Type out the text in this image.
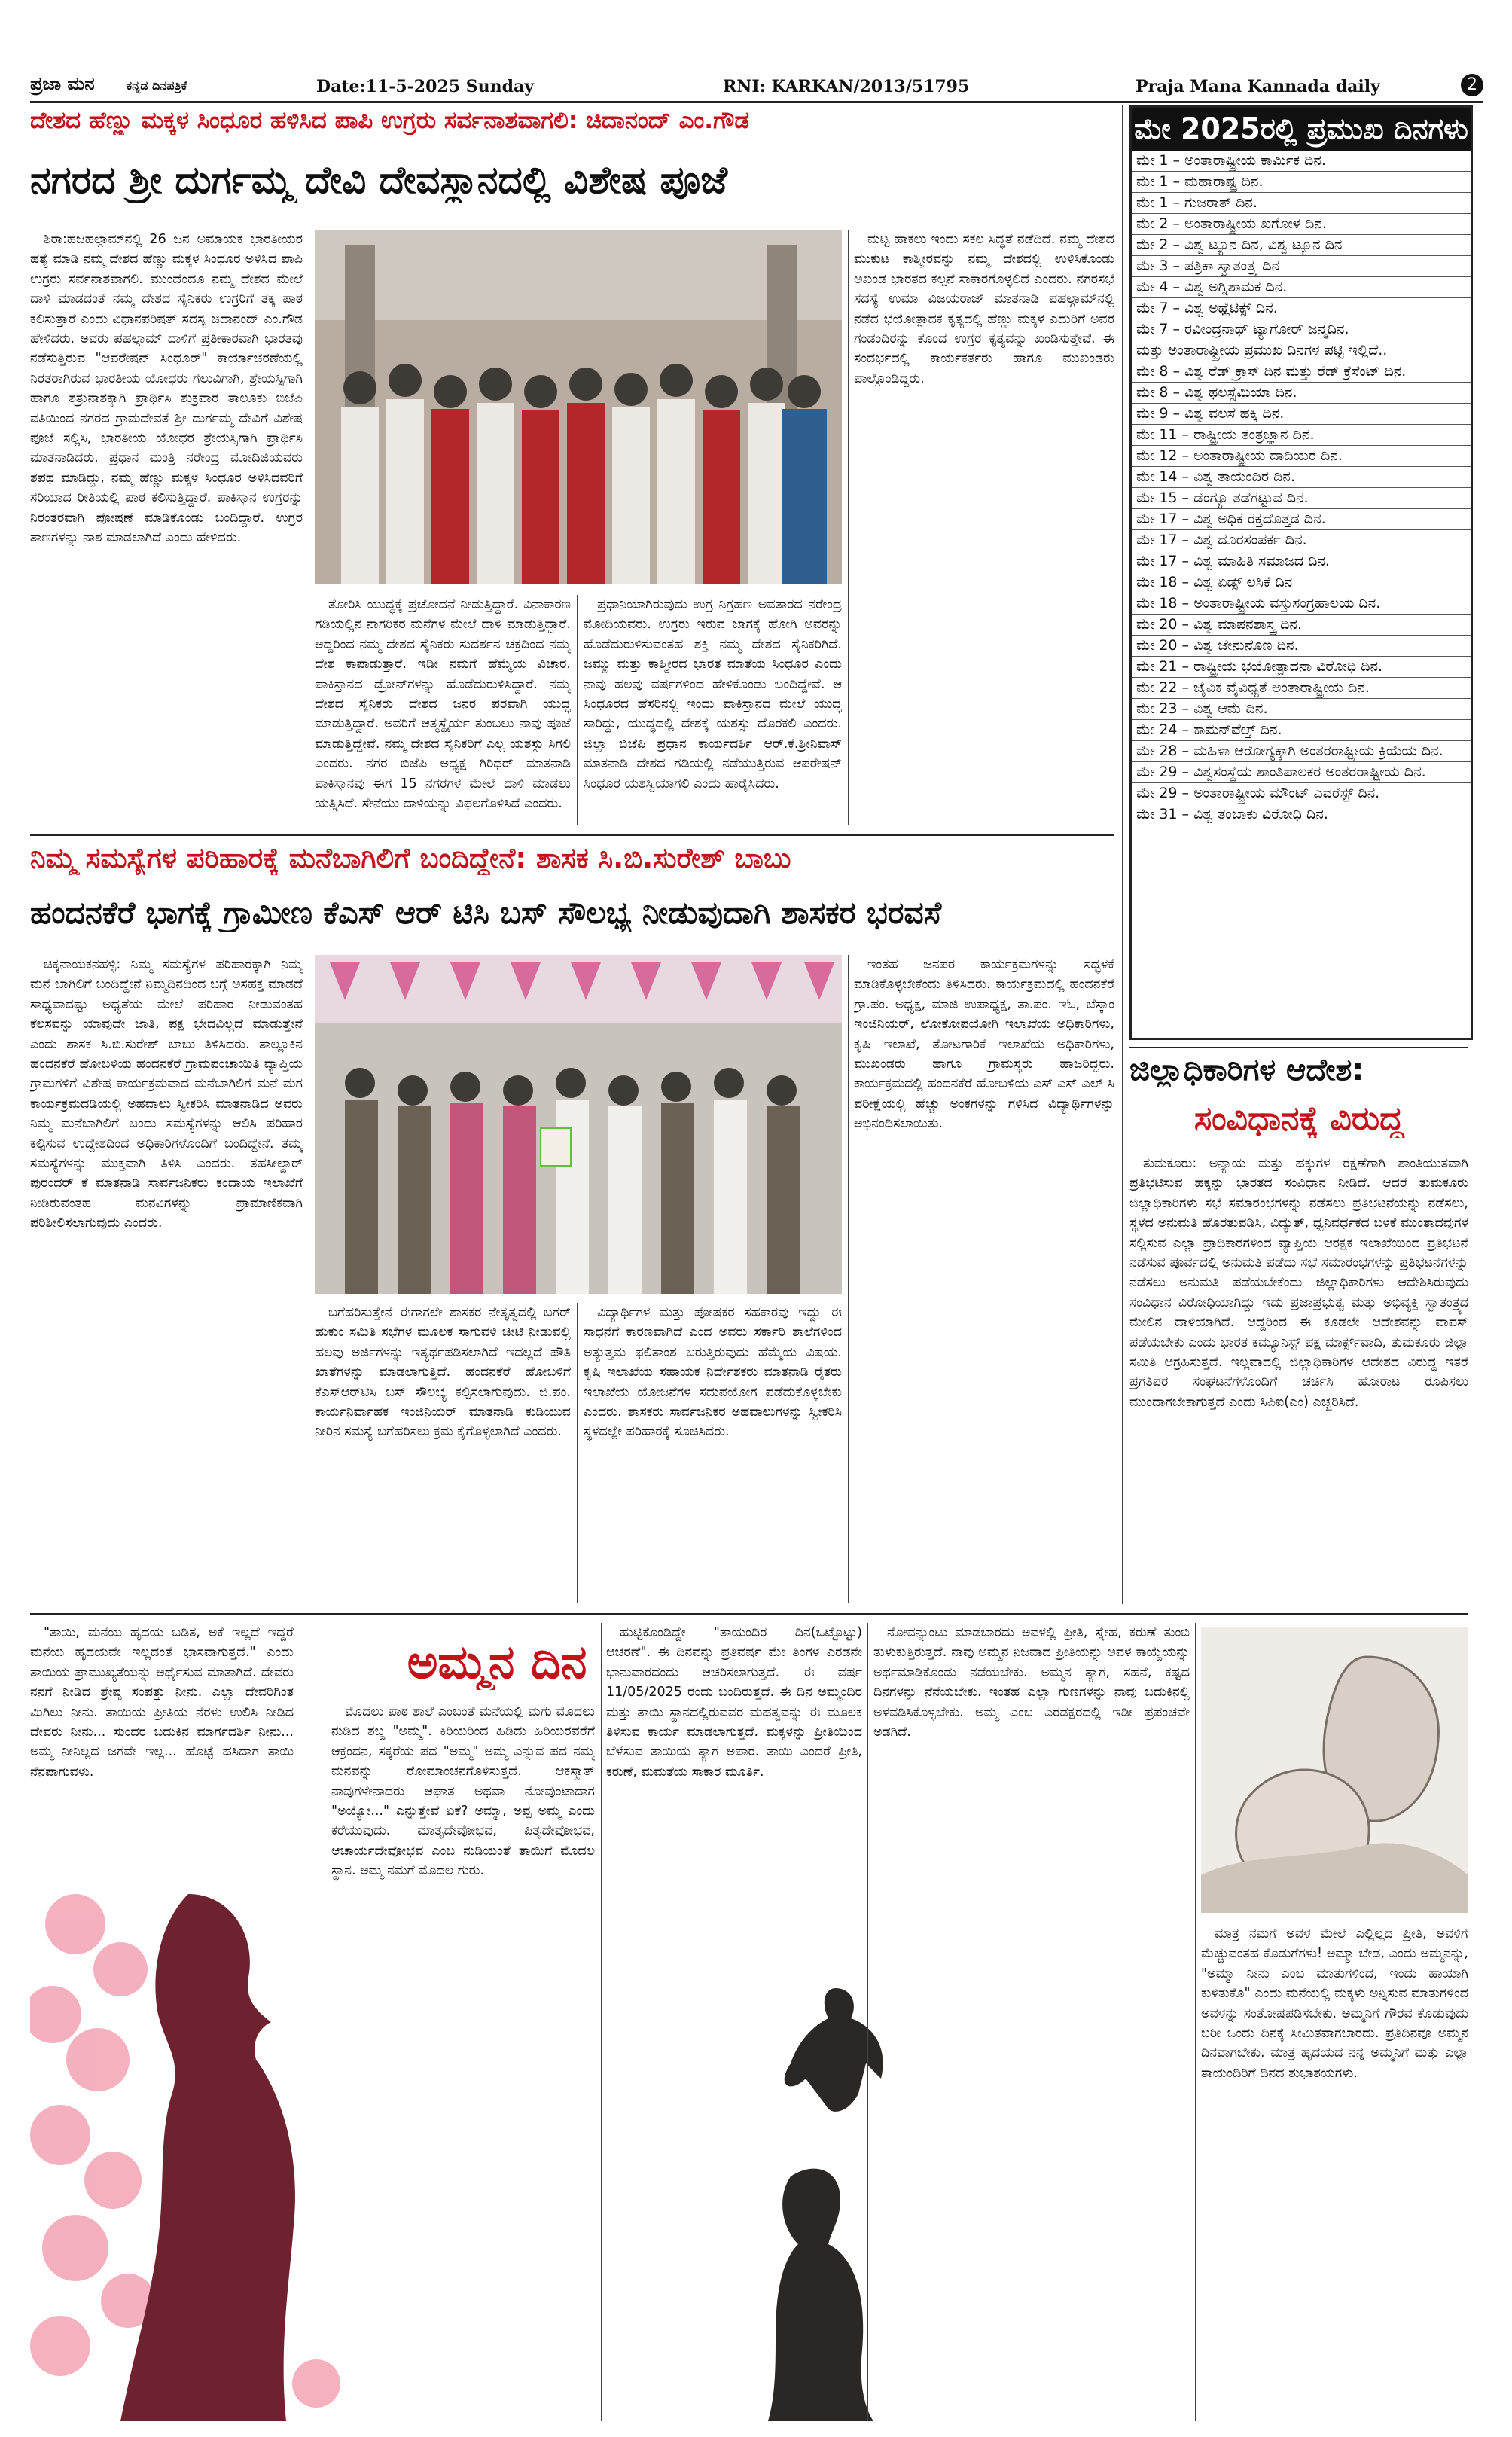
ಪ್ರಜಾ ಮನ	ಕನ್ನಡ ದಿನಪತ್ರಿಕೆ	Date:11-5-2025 Sunday	RNI: KARKAN/2013/51795	Praja Mana Kannada daily	2
ದೇಶದ ಹೆಣ್ಣು ಮಕ್ಕಳ ಸಿಂಧೂರ ಹಳಿಸಿದ ಪಾಪಿ ಉಗ್ರರು ಸರ್ವನಾಶವಾಗಲಿ: ಚಿದಾನಂದ್ ಎಂ.ಗೌಡ
ನಗರದ ಶ್ರೀ ದುರ್ಗಮ್ಮ ದೇವಿ ದೇವಸ್ಥಾನದಲ್ಲಿ ವಿಶೇಷ ಪೂಜೆ

ಶಿರಾ:ಹಜಹಲ್ಗಾಮ್‌ನಲ್ಲಿ 26 ಜನ ಅಮಾಯಕ ಭಾರತೀಯರ ಹತ್ಯೆ ಮಾಡಿ ನಮ್ಮ ದೇಶದ ಹೆಣ್ಣು ಮಕ್ಕಳ ಸಿಂಧೂರ ಅಳಿಸಿದ ಪಾಪಿ ಉಗ್ರರು ಸರ್ವನಾಶವಾಗಲಿ. ಮುಂದೆಂದೂ ನಮ್ಮ ದೇಶದ ಮೇಲೆ ದಾಳಿ ಮಾಡದಂತೆ ನಮ್ಮ ದೇಶದ ಸೈನಿಕರು ಉಗ್ರರಿಗೆ ತಕ್ಕ ಪಾಠ ಕಲಿಸುತ್ತಾರೆ ಎಂದು ವಿಧಾನಪರಿಷತ್ ಸದಸ್ಯ ಚಿದಾನಂದ್ ಎಂ.ಗೌಡ ಹೇಳಿದರು. ಅವರು ಪಹಲ್ಗಾಮ್ ದಾಳಿಗೆ ಪ್ರತೀಕಾರವಾಗಿ ಭಾರತವು ನಡೆಸುತ್ತಿರುವ "ಆಪರೇಷನ್ ಸಿಂಧೂರ್" ಕಾರ್ಯಾಚರಣೆಯಲ್ಲಿ ನಿರತರಾಗಿರುವ ಭಾರತೀಯ ಯೋಧರು ಗೆಲುವಿಗಾಗಿ, ಶ್ರೇಯಸ್ಸಿಗಾಗಿ ಹಾಗೂ ಶತ್ರುನಾಶಕ್ಕಾಗಿ ಪ್ರಾರ್ಥಿಸಿ ಶುಕ್ರವಾರ ತಾಲೂಕು ಬಿಜೆಪಿ ವತಿಯಿಂದ ನಗರದ ಗ್ರಾಮದೇವತೆ ಶ್ರೀ ದುರ್ಗಮ್ಮ ದೇವಿಗೆ ವಿಶೇಷ ಪೂಜೆ ಸಲ್ಲಿಸಿ, ಭಾರತೀಯ ಯೋಧರ ಶ್ರೇಯಸ್ಸಿಗಾಗಿ ಪ್ರಾರ್ಥಿಸಿ ಮಾತನಾಡಿದರು. ಪ್ರಧಾನ ಮಂತ್ರಿ ನರೇಂದ್ರ ಮೋದಿಜಿಯವರು ಶಪಥ ಮಾಡಿದ್ದು, ನಮ್ಮ ಹೆಣ್ಣು ಮಕ್ಕಳ ಸಿಂಧೂರ ಅಳಿಸಿದವರಿಗೆ ಸರಿಯಾದ ರೀತಿಯಲ್ಲಿ ಪಾಠ ಕಲಿಸುತ್ತಿದ್ದಾರೆ. ಪಾಕಿಸ್ತಾನ ಉಗ್ರರನ್ನು ನಿರಂತರವಾಗಿ ಪೋಷಣೆ ಮಾಡಿಕೊಂಡು ಬಂದಿದ್ದಾರೆ. ಉಗ್ರರ ತಾಣಗಳನ್ನು ನಾಶ ಮಾಡಲಾಗಿದೆ ಎಂದು ಹೇಳಿದರು.

ತೋರಿಸಿ ಯುದ್ಧಕ್ಕೆ ಪ್ರಚೋದನೆ ನೀಡುತ್ತಿದ್ದಾರೆ. ವಿನಾಕಾರಣ ಗಡಿಯಲ್ಲಿನ ನಾಗರಿಕರ ಮನೆಗಳ ಮೇಲೆ ದಾಳಿ ಮಾಡುತ್ತಿದ್ದಾರೆ. ಅದ್ದರಿಂದ ನಮ್ಮ ದೇಶದ ಸೈನಿಕರು ಸುದರ್ಶನ ಚಕ್ರದಿಂದ ನಮ್ಮ ದೇಶ ಕಾಪಾಡುತ್ತಾರೆ. ಇಡೀ ನಮಗೆ ಹೆಮ್ಮೆಯ ವಿಚಾರ. ಪಾಕಿಸ್ತಾನದ ಡ್ರೋನ್‌ಗಳನ್ನು ಹೊಡೆದುರುಳಿಸಿದ್ದಾರೆ. ನಮ್ಮ ದೇಶದ ಸೈನಿಕರು ದೇಶದ ಜನರ ಪರವಾಗಿ ಯುದ್ಧ ಮಾಡುತ್ತಿದ್ದಾರೆ. ಅವರಿಗೆ ಆತ್ಮಸ್ಥೈರ್ಯ ತುಂಬಲು ನಾವು ಪೂಜೆ ಮಾಡುತ್ತಿದ್ದೇವೆ. ನಮ್ಮ ದೇಶದ ಸೈನಿಕರಿಗೆ ಎಲ್ಲ ಯಶಸ್ಸು ಸಿಗಲಿ ಎಂದರು. ನಗರ ಬಿಜೆಪಿ ಅಧ್ಯಕ್ಷ ಗಿರಿಧರ್ ಮಾತನಾಡಿ ಪಾಕಿಸ್ತಾನವು ಈಗ 15 ನಗರಗಳ ಮೇಲೆ ದಾಳಿ ಮಾಡಲು ಯತ್ನಿಸಿದೆ. ಸೇನೆಯು ದಾಳಿಯನ್ನು ವಿಫಲಗೊಳಿಸಿದೆ ಎಂದರು.

ಪ್ರಧಾನಿಯಾಗಿರುವುದು ಉಗ್ರ ನಿಗ್ರಹಣ ಅವತಾರದ ನರೇಂದ್ರ ಮೋದಿಯವರು. ಉಗ್ರರು ಇರುವ ಜಾಗಕ್ಕೆ ಹೋಗಿ ಅವರನ್ನು ಹೊಡೆದುರುಳಿಸುವಂತಹ ಶಕ್ತಿ ನಮ್ಮ ದೇಶದ ಸೈನಿಕರಿಗಿದೆ. ಜಮ್ಮು ಮತ್ತು ಕಾಶ್ಮೀರದ ಭಾರತ ಮಾತೆಯ ಸಿಂಧೂರ ಎಂದು ನಾವು ಹಲವು ವರ್ಷಗಳಿಂದ ಹೇಳಿಕೊಂಡು ಬಂದಿದ್ದೇವೆ. ಆ ಸಿಂಧೂರದ ಹೆಸರಿನಲ್ಲಿ ಇಂದು ಪಾಕಿಸ್ತಾನದ ಮೇಲೆ ಯುದ್ಧ ಸಾರಿದ್ದು, ಯುದ್ಧದಲ್ಲಿ ದೇಶಕ್ಕೆ ಯಶಸ್ಸು ದೊರಕಲಿ ಎಂದರು. ಜಿಲ್ಲಾ ಬಿಜೆಪಿ ಪ್ರಧಾನ ಕಾರ್ಯದರ್ಶಿ ಆರ್.ಕೆ.ಶ್ರೀನಿವಾಸ್ ಮಾತನಾಡಿ ದೇಶದ ಗಡಿಯಲ್ಲಿ ನಡೆಯುತ್ತಿರುವ ಆಪರೇಷನ್ ಸಿಂಧೂರ ಯಶಸ್ವಿಯಾಗಲಿ ಎಂದು ಹಾರೈಸಿದರು.

ಮಟ್ಟ ಹಾಕಲು ಇಂದು ಸಕಲ ಸಿದ್ಧತೆ ನಡೆದಿದೆ. ನಮ್ಮ ದೇಶದ ಮುಕುಟ ಕಾಶ್ಮೀರವನ್ನು ನಮ್ಮ ದೇಶದಲ್ಲಿ ಉಳಿಸಿಕೊಂಡು ಅಖಂಡ ಭಾರತದ ಕಲ್ಪನೆ ಸಾಕಾರಗೊಳ್ಳಲಿದೆ ಎಂದರು. ನಗರಸಭೆ ಸದಸ್ಯೆ ಉಮಾ ವಿಜಯರಾಜ್ ಮಾತನಾಡಿ ಪಹಲ್ಗಾಮ್‌ನಲ್ಲಿ ನಡೆದ ಭಯೋತ್ಪಾದಕ ಕೃತ್ಯದಲ್ಲಿ ಹೆಣ್ಣು ಮಕ್ಕಳ ಎದುರಿಗೆ ಅವರ ಗಂಡಂದಿರನ್ನು ಕೊಂದ ಉಗ್ರರ ಕೃತ್ಯವನ್ನು ಖಂಡಿಸುತ್ತೇವೆ. ಈ ಸಂದರ್ಭದಲ್ಲಿ ಕಾರ್ಯಕರ್ತರು ಹಾಗೂ ಮುಖಂಡರು ಪಾಲ್ಗೊಂಡಿದ್ದರು.

ಮೇ 2025ರಲ್ಲಿ ಪ್ರಮುಖ ದಿನಗಳು
ಮೇ 1 – ಅಂತಾರಾಷ್ಟ್ರೀಯ ಕಾರ್ಮಿಕ ದಿನ.
ಮೇ 1 – ಮಹಾರಾಷ್ಟ್ರ ದಿನ.
ಮೇ 1 – ಗುಜರಾತ್ ದಿನ.
ಮೇ 2 – ಅಂತಾರಾಷ್ಟ್ರೀಯ ಖಗೋಳ ದಿನ.
ಮೇ 2 – ವಿಶ್ವ ಟ್ಯೂನ ದಿನ, ವಿಶ್ವ ಟ್ಯೂನ ದಿನ
ಮೇ 3 – ಪತ್ರಿಕಾ ಸ್ವಾತಂತ್ರ್ಯ ದಿನ
ಮೇ 4 – ವಿಶ್ವ ಅಗ್ನಿಶಾಮಕ ದಿನ.
ಮೇ 7 – ವಿಶ್ವ ಅಥ್ಲೆಟಿಕ್ಸ್ ದಿನ.
ಮೇ 7 – ರವೀಂದ್ರನಾಥ್ ಟ್ಯಾಗೋರ್ ಜನ್ಮದಿನ.
ಮತ್ತು ಅಂತಾರಾಷ್ಟ್ರೀಯ ಪ್ರಮುಖ ದಿನಗಳ ಪಟ್ಟಿ ಇಲ್ಲಿದೆ..
ಮೇ 8 – ವಿಶ್ವ ರೆಡ್ ಕ್ರಾಸ್ ದಿನ ಮತ್ತು ರೆಡ್ ಕ್ರೆಸೆಂಟ್ ದಿನ.
ಮೇ 8 – ವಿಶ್ವ ಥಲಸ್ಸೆಮಿಯಾ ದಿನ.
ಮೇ 9 – ವಿಶ್ವ ವಲಸೆ ಹಕ್ಕಿ ದಿನ.
ಮೇ 11 – ರಾಷ್ಟ್ರೀಯ ತಂತ್ರಜ್ಞಾನ ದಿನ.
ಮೇ 12 – ಅಂತಾರಾಷ್ಟ್ರೀಯ ದಾದಿಯರ ದಿನ.
ಮೇ 14 – ವಿಶ್ವ ತಾಯಂದಿರ ದಿನ.
ಮೇ 15 – ಡೆಂಗ್ಯೂ ತಡೆಗಟ್ಟುವ ದಿನ.
ಮೇ 17 – ವಿಶ್ವ ಅಧಿಕ ರಕ್ತದೊತ್ತಡ ದಿನ.
ಮೇ 17 – ವಿಶ್ವ ದೂರಸಂಪರ್ಕ ದಿನ.
ಮೇ 17 – ವಿಶ್ವ ಮಾಹಿತಿ ಸಮಾಜದ ದಿನ.
ಮೇ 18 – ವಿಶ್ವ ಏಡ್ಸ್ ಲಸಿಕೆ ದಿನ
ಮೇ 18 – ಅಂತಾರಾಷ್ಟ್ರೀಯ ವಸ್ತುಸಂಗ್ರಹಾಲಯ ದಿನ.
ಮೇ 20 – ವಿಶ್ವ ಮಾಪನಶಾಸ್ತ್ರ ದಿನ.
ಮೇ 20 – ವಿಶ್ವ ಜೇನುನೊಣ ದಿನ.
ಮೇ 21 – ರಾಷ್ಟ್ರೀಯ ಭಯೋತ್ಪಾದನಾ ವಿರೋಧಿ ದಿನ.
ಮೇ 22 – ಜೈವಿಕ ವೈವಿಧ್ಯತೆ ಅಂತಾರಾಷ್ಟ್ರೀಯ ದಿನ.
ಮೇ 23 – ವಿಶ್ವ ಆಮೆ ದಿನ.
ಮೇ 24 – ಕಾಮನ್‌ವೆಲ್ತ್ ದಿನ.
ಮೇ 28 – ಮಹಿಳಾ ಆರೋಗ್ಯಕ್ಕಾಗಿ ಅಂತರರಾಷ್ಟ್ರೀಯ ಕ್ರಿಯೆಯ ದಿನ.
ಮೇ 29 – ವಿಶ್ವಸಂಸ್ಥೆಯ ಶಾಂತಿಪಾಲಕರ ಅಂತರರಾಷ್ಟ್ರೀಯ ದಿನ.
ಮೇ 29 – ಅಂತಾರಾಷ್ಟ್ರೀಯ ಮೌಂಟ್ ಎವರೆಸ್ಟ್ ದಿನ.
ಮೇ 31 – ವಿಶ್ವ ತಂಬಾಕು ವಿರೋಧಿ ದಿನ.
ನಿಮ್ಮ ಸಮಸ್ಯೆಗಳ ಪರಿಹಾರಕ್ಕೆ ಮನೆಬಾಗಿಲಿಗೆ ಬಂದಿದ್ದೇನೆ: ಶಾಸಕ ಸಿ.ಬಿ.ಸುರೇಶ್ ಬಾಬು
ಹಂದನಕೆರೆ ಭಾಗಕ್ಕೆ ಗ್ರಾಮೀಣ ಕೆಎಸ್ ಆರ್ ಟಿಸಿ ಬಸ್ ಸೌಲಭ್ಯ ನೀಡುವುದಾಗಿ ಶಾಸಕರ ಭರವಸೆ

ಚಿಕ್ಕನಾಯಕನಹಳ್ಳಿ: ನಿಮ್ಮ ಸಮಸ್ಯೆಗಳ ಪರಿಹಾರಕ್ಕಾಗಿ ನಿಮ್ಮ ಮನೆ ಬಾಗಿಲಿಗೆ ಬಂದಿದ್ದೇನೆ ನಿಮ್ಮದಿನದಿಂದ ಬಗ್ಗೆ ಅಸಹಕ್ತ ಮಾಡದೆ ಸಾಧ್ಯವಾದಷ್ಟು ಅಧ್ಯತೆಯ ಮೇಲೆ ಪರಿಹಾರ ನೀಡುವಂತಹ ಕೆಲಸವನ್ನು ಯಾವುದೇ ಜಾತಿ, ಪಕ್ಷ ಭೇದವಿಲ್ಲದೆ ಮಾಡುತ್ತೇನೆ ಎಂದು ಶಾಸಕ ಸಿ.ಬಿ.ಸುರೇಶ್ ಬಾಬು ತಿಳಿಸಿದರು. ತಾಲ್ಲೂಕಿನ ಹಂದನಕೆರೆ ಹೋಬಳಿಯ ಹಂದನಕೆರೆ ಗ್ರಾಮಪಂಚಾಯಿತಿ ವ್ಯಾಪ್ತಿಯ ಗ್ರಾಮಗಳಿಗೆ ವಿಶೇಷ ಕಾರ್ಯಕ್ರಮವಾದ ಮನೆಬಾಗಿಲಿಗೆ ಮನೆ ಮಗ ಕಾರ್ಯಕ್ರಮದಡಿಯಲ್ಲಿ ಅಹವಾಲು ಸ್ವೀಕರಿಸಿ ಮಾತನಾಡಿದ ಅವರು ನಿಮ್ಮ ಮನೆಬಾಗಿಲಿಗೆ ಬಂದು ಸಮಸ್ಯೆಗಳನ್ನು ಆಲಿಸಿ ಪರಿಹಾರ ಕಲ್ಪಿಸುವ ಉದ್ದೇಶದಿಂದ ಅಧಿಕಾರಿಗಳೊಂದಿಗೆ ಬಂದಿದ್ದೇನೆ. ತಮ್ಮ ಸಮಸ್ಯೆಗಳನ್ನು ಮುಕ್ತವಾಗಿ ತಿಳಿಸಿ ಎಂದರು. ತಹಸೀಲ್ದಾರ್ ಪುರಂದರ್ ಕೆ ಮಾತನಾಡಿ ಸಾರ್ವಜನಿಕರು ಕಂದಾಯ ಇಲಾಖೆಗೆ ನೀಡಿರುವಂತಹ ಮನವಿಗಳನ್ನು ಪ್ರಾಮಾಣಿಕವಾಗಿ ಪರಿಶೀಲಿಸಲಾಗುವುದು ಎಂದರು.

ಬಗೆಹರಿಸುತ್ತೇನೆ ಈಗಾಗಲೇ ಶಾಸಕರ ನೇತೃತ್ವದಲ್ಲಿ ಬಗರ್ ಹುಕುಂ ಸಮಿತಿ ಸಭೆಗಳ ಮೂಲಕ ಸಾಗುವಳಿ ಚೀಟಿ ನೀಡುವಲ್ಲಿ ಹಲವು ಅರ್ಜಿಗಳನ್ನು ಇತ್ಯರ್ಥಪಡಿಸಲಾಗಿದೆ ಇದಲ್ಲದೆ ಪೌತಿ ಖಾತೆಗಳನ್ನು ಮಾಡಲಾಗುತ್ತಿದೆ. ಹಂದನಕೆರೆ ಹೋಬಳಿಗೆ ಕೆಎಸ್‌ಆರ್‌ಟಿಸಿ ಬಸ್ ಸೌಲಭ್ಯ ಕಲ್ಪಿಸಲಾಗುವುದು. ಜಿ.ಪಂ. ಕಾರ್ಯನಿರ್ವಾಹಕ ಇಂಜಿನಿಯರ್ ಮಾತನಾಡಿ ಕುಡಿಯುವ ನೀರಿನ ಸಮಸ್ಯೆ ಬಗೆಹರಿಸಲು ಕ್ರಮ ಕೈಗೊಳ್ಳಲಾಗಿದೆ ಎಂದರು.

ವಿದ್ಯಾರ್ಥಿಗಳ ಮತ್ತು ಪೋಷಕರ ಸಹಕಾರವು ಇದ್ದು ಈ ಸಾಧನೆಗೆ ಕಾರಣವಾಗಿದೆ ಎಂದ ಅವರು ಸರ್ಕಾರಿ ಶಾಲೆಗಳಿಂದ ಅತ್ಯುತ್ತಮ ಫಲಿತಾಂಶ ಬರುತ್ತಿರುವುದು ಹೆಮ್ಮೆಯ ವಿಷಯ. ಕೃಷಿ ಇಲಾಖೆಯ ಸಹಾಯಕ ನಿರ್ದೇಶಕರು ಮಾತನಾಡಿ ರೈತರು ಇಲಾಖೆಯ ಯೋಜನೆಗಳ ಸದುಪಯೋಗ ಪಡೆದುಕೊಳ್ಳಬೇಕು ಎಂದರು. ಶಾಸಕರು ಸಾರ್ವಜನಿಕರ ಅಹವಾಲುಗಳನ್ನು ಸ್ವೀಕರಿಸಿ ಸ್ಥಳದಲ್ಲೇ ಪರಿಹಾರಕ್ಕೆ ಸೂಚಿಸಿದರು.

ಇಂತಹ ಜನಪರ ಕಾರ್ಯಕ್ರಮಗಳನ್ನು ಸದ್ಭಳಕೆ ಮಾಡಿಕೊಳ್ಳಬೇಕೆಂದು ತಿಳಿಸಿದರು. ಕಾರ್ಯಕ್ರಮದಲ್ಲಿ ಹಂದನಕೆರೆ ಗ್ರಾ.ಪಂ. ಅಧ್ಯಕ್ಷ, ಮಾಜಿ ಉಪಾಧ್ಯಕ್ಷ, ತಾ.ಪಂ. ಇಓ, ಬೆಸ್ಕಾಂ ಇಂಜಿನಿಯರ್, ಲೋಕೋಪಯೋಗಿ ಇಲಾಖೆಯ ಅಧಿಕಾರಿಗಳು, ಕೃಷಿ ಇಲಾಖೆ, ತೋಟಗಾರಿಕೆ ಇಲಾಖೆಯ ಅಧಿಕಾರಿಗಳು, ಮುಖಂಡರು ಹಾಗೂ ಗ್ರಾಮಸ್ಥರು ಹಾಜರಿದ್ದರು. ಕಾರ್ಯಕ್ರಮದಲ್ಲಿ ಹಂದನಕೆರೆ ಹೋಬಳಿಯ ಎಸ್ ಎಸ್ ಎಲ್ ಸಿ ಪರೀಕ್ಷೆಯಲ್ಲಿ ಹೆಚ್ಚು ಅಂಕಗಳನ್ನು ಗಳಿಸಿದ ವಿದ್ಯಾರ್ಥಿಗಳನ್ನು ಅಭಿನಂದಿಸಲಾಯಿತು.

ಜಿಲ್ಲಾಧಿಕಾರಿಗಳ ಆದೇಶ:
ಸಂವಿಧಾನಕ್ಕೆ ವಿರುದ್ಧ

ತುಮಕೂರು: ಅನ್ಯಾಯ ಮತ್ತು ಹಕ್ಕುಗಳ ರಕ್ಷಣೆಗಾಗಿ ಶಾಂತಿಯುತವಾಗಿ ಪ್ರತಿಭಟಿಸುವ ಹಕ್ಕನ್ನು ಭಾರತದ ಸಂವಿಧಾನ ನೀಡಿದೆ. ಆದರೆ ತುಮಕೂರು ಜಿಲ್ಲಾಧಿಕಾರಿಗಳು ಸಭೆ ಸಮಾರಂಭಗಳನ್ನು ನಡೆಸಲು ಪ್ರತಿಭಟನೆಯನ್ನು ನಡೆಸಲು, ಸ್ಥಳದ ಅನುಮತಿ ಹೊರತುಪಡಿಸಿ, ವಿದ್ಯುತ್, ಧ್ವನಿವರ್ಧಕದ ಬಳಕೆ ಮುಂತಾದವುಗಳ ಸಲ್ಲಿಸುವ ಎಲ್ಲಾ ಪ್ರಾಧಿಕಾರಗಳಿಂದ ವ್ಯಾಪ್ತಿಯ ಆರಕ್ಷಕ ಇಲಾಖೆಯಿಂದ ಪ್ರತಿಭಟನೆ ನಡೆಸುವ ಪೂರ್ವದಲ್ಲಿ ಅನುಮತಿ ಪಡೆದು ಸಭೆ ಸಮಾರಂಭಗಳನ್ನು ಪ್ರತಿಭಟನೆಗಳನ್ನು ನಡೆಸಲು ಅನುಮತಿ ಪಡೆಯಬೇಕೆಂದು ಜಿಲ್ಲಾಧಿಕಾರಿಗಳು ಆದೇಶಿಸಿರುವುದು ಸಂವಿಧಾನ ವಿರೋಧಿಯಾಗಿದ್ದು ಇದು ಪ್ರಜಾಪ್ರಭುತ್ವ ಮತ್ತು ಅಭಿವ್ಯಕ್ತಿ ಸ್ವಾತಂತ್ರ್ಯದ ಮೇಲಿನ ದಾಳಿಯಾಗಿದೆ. ಆದ್ದರಿಂದ ಈ ಕೂಡಲೇ ಆದೇಶವನ್ನು ವಾಪಸ್ ಪಡೆಯಬೇಕು ಎಂದು ಭಾರತ ಕಮ್ಯೂನಿಸ್ಟ್ ಪಕ್ಷ ಮಾರ್ಕ್ಸ್‌ವಾದಿ, ತುಮಕೂರು ಜಿಲ್ಲಾ ಸಮಿತಿ ಆಗ್ರಹಿಸುತ್ತದೆ. ಇಲ್ಲವಾದಲ್ಲಿ ಜಿಲ್ಲಾಧಿಕಾರಿಗಳ ಆದೇಶದ ವಿರುದ್ಧ ಇತರೆ ಪ್ರಗತಿಪರ ಸಂಘಟನೆಗಳೊಂದಿಗೆ ಚರ್ಚಿಸಿ ಹೋರಾಟ ರೂಪಿಸಲು ಮುಂದಾಗಬೇಕಾಗುತ್ತದೆ ಎಂದು ಸಿಪಿಐ(ಎಂ) ಎಚ್ಚರಿಸಿದೆ.

"ತಾಯಿ, ಮನೆಯ ಹೃದಯ ಬಡಿತ, ಅಕೆ ಇಲ್ಲದೆ ಇದ್ದರೆ ಮನೆಯ ಹೃದಯವೇ ಇಲ್ಲದಂತೆ ಭಾಸವಾಗುತ್ತದೆ." ಎಂದು ತಾಯಿಯ ಪ್ರಾಮುಖ್ಯತೆಯನ್ನು ಅರ್ಥೈಸುವ ಮಾತಾಗಿದೆ. ದೇವರು ನನಗೆ ನೀಡಿದ ಶ್ರೇಷ್ಠ ಸಂಪತ್ತು ನೀನು. ಎಲ್ಲಾ ದೇವರಿಗಿಂತ ಮಿಗಿಲು ನೀನು. ತಾಯಿಯ ಪ್ರೀತಿಯ ನೆರಳು ಉಲಿಸಿ ನೀಡಿದ ದೇವರು ನೀನು... ಸುಂದರ ಬದುಕಿನ ಮಾರ್ಗದರ್ಶಿ ನೀನು... ಅಮ್ಮ ನೀನಿಲ್ಲದ ಜಗವೇ ಇಲ್ಲ... ಹೊಟ್ಟೆ ಹಸಿದಾಗ ತಾಯಿ ನೆನಪಾಗುವಳು.

ಅಮ್ಮನ ದಿನ

ಮೊದಲು ಪಾಠ ಶಾಲೆ ಎಂಬಂತೆ ಮನೆಯಲ್ಲಿ ಮಗು ಮೊದಲು ನುಡಿದ ಶಬ್ದ "ಅಮ್ಮ". ಕಿರಿಯರಿಂದ ಹಿಡಿದು ಹಿರಿಯರವರೆಗೆ ಆಕ್ರಂದನ, ಸಕ್ಕರೆಯ ಪದ "ಅಮ್ಮ" ಅಮ್ಮ ಎನ್ನುವ ಪದ ನಮ್ಮ ಮನವನ್ನು ರೋಮಾಂಚನಗೊಳಿಸುತ್ತದೆ. ಆಕಸ್ಮಾತ್ ನಾವುಗಳೇನಾದರು ಆಘಾತ ಅಥವಾ ನೋವುಂಟಾದಾಗ "ಅಯ್ಯೋ..." ಎನ್ನುತ್ತೇವೆ ಏಕೆ? ಅಮ್ಮಾ, ಅಪ್ಪ ಅಮ್ಮ ಎಂದು ಕರೆಯುವುದು. ಮಾತೃದೇವೋಭವ, ಪಿತೃದೇವೋಭವ, ಆಚಾರ್ಯದೇವೋಭವ ಎಂಬ ನುಡಿಯಂತೆ ತಾಯಿಗೆ ಮೊದಲ ಸ್ಥಾನ. ಅಮ್ಮ ನಮಗೆ ಮೊದಲ ಗುರು.

ಹುಟ್ಟಿಕೊಂಡಿದ್ದೇ "ತಾಯಂದಿರ ದಿನ(ಒಟ್ಟೊಟ್ಟು) ಆಚರಣೆ". ಈ ದಿನವನ್ನು ಪ್ರತಿವರ್ಷ ಮೇ ತಿಂಗಳ ಎರಡನೇ ಭಾನುವಾರದಂದು ಆಚರಿಸಲಾಗುತ್ತದೆ. ಈ ವರ್ಷ 11/05/2025 ರಂದು ಬಂದಿರುತ್ತದೆ. ಈ ದಿನ ಅಮ್ಮಂದಿರ ಮತ್ತು ತಾಯಿ ಸ್ಥಾನದಲ್ಲಿರುವವರ ಮಹತ್ವವನ್ನು ಈ ಮೂಲಕ ತಿಳಿಸುವ ಕಾರ್ಯ ಮಾಡಲಾಗುತ್ತದೆ. ಮಕ್ಕಳನ್ನು ಪ್ರೀತಿಯಿಂದ ಬೆಳೆಸುವ ತಾಯಿಯ ತ್ಯಾಗ ಅಪಾರ. ತಾಯಿ ಎಂದರೆ ಪ್ರೀತಿ, ಕರುಣೆ, ಮಮತೆಯ ಸಾಕಾರ ಮೂರ್ತಿ.

ನೋವನ್ನುಂಟು ಮಾಡಬಾರದು ಅವಳಲ್ಲಿ ಪ್ರೀತಿ, ಸ್ನೇಹ, ಕರುಣೆ ತುಂಬಿ ತುಳುಕುತ್ತಿರುತ್ತದೆ. ನಾವು ಅಮ್ಮನ ನಿಜವಾದ ಪ್ರೀತಿಯನ್ನು ಅವಳ ಕಾಯ್ದೆಯನ್ನು ಅರ್ಥಮಾಡಿಕೊಂಡು ನಡೆಯಬೇಕು. ಅಮ್ಮನ ತ್ಯಾಗ, ಸಹನೆ, ಕಷ್ಟದ ದಿನಗಳನ್ನು ನೆನೆಯಬೇಕು. ಇಂತಹ ಎಲ್ಲಾ ಗುಣಗಳನ್ನು ನಾವು ಬದುಕಿನಲ್ಲಿ ಅಳವಡಿಸಿಕೊಳ್ಳಬೇಕು. ಅಮ್ಮ ಎಂಬ ಎರಡಕ್ಷರದಲ್ಲಿ ಇಡೀ ಪ್ರಪಂಚವೇ ಅಡಗಿದೆ.

ಮಾತ್ರ ನಮಗೆ ಅವಳ ಮೇಲೆ ಎಲ್ಲಿಲ್ಲದ ಪ್ರೀತಿ, ಅವಳಿಗೆ ಮೆಚ್ಚುವಂತಹ ಕೊಡುಗೆಗಳು! ಅಮ್ಮಾ ಬೇಡ, ಎಂದು ಅಮ್ಮನನ್ನು, "ಅಮ್ಮಾ ನೀನು ಎಂಬ ಮಾತುಗಳಿಂದ, ಇಂದು ಹಾಯಾಗಿ ಕುಳಿತುಕೊ" ಎಂದು ಮನೆಯಲ್ಲಿ ಮಕ್ಕಳು ಅನ್ನಿಸುವ ಮಾತುಗಳಿಂದ ಅವಳನ್ನು ಸಂತೋಷಪಡಿಸಬೇಕು. ಅಮ್ಮನಿಗೆ ಗೌರವ ಕೊಡುವುದು ಬರೀ ಒಂದು ದಿನಕ್ಕೆ ಸೀಮಿತವಾಗಬಾರದು. ಪ್ರತಿದಿನವೂ ಅಮ್ಮನ ದಿನವಾಗಬೇಕು. ಮಾತ್ರ ಹೃದಯದ ನನ್ನ ಅಮ್ಮನಿಗೆ ಮತ್ತು ಎಲ್ಲಾ ತಾಯಂದಿರಿಗೆ ದಿನದ ಶುಭಾಶಯಗಳು.
